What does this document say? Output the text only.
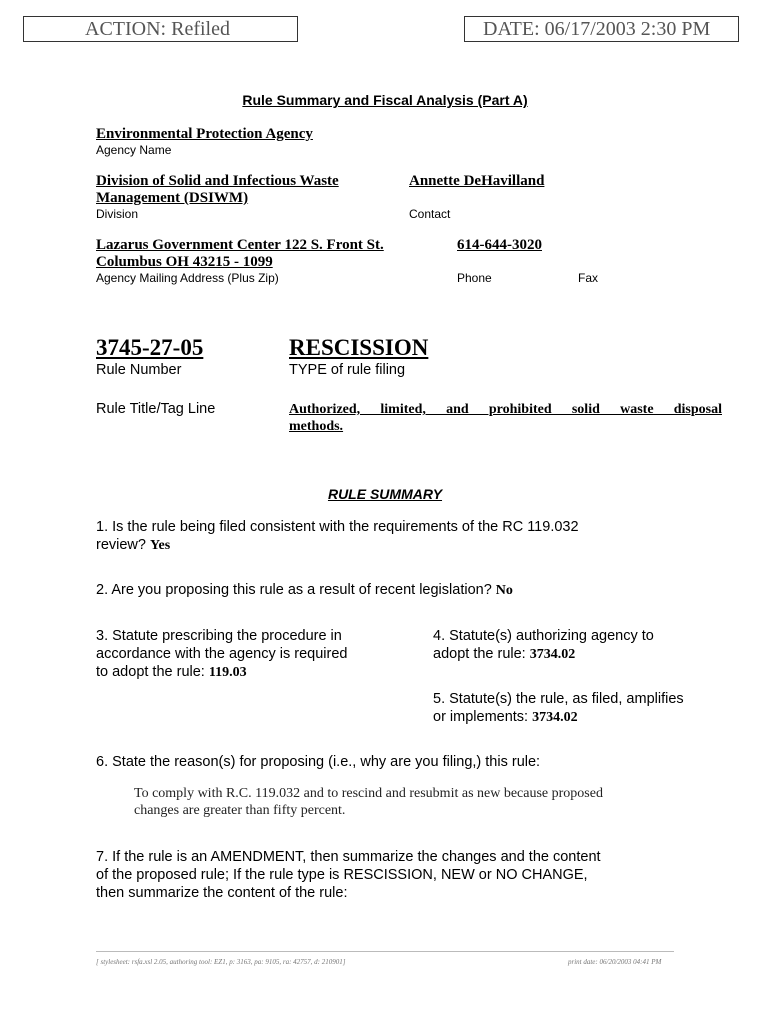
ACTION: Refiled	DATE: 06/17/2003 2:30 PM
Rule Summary and Fiscal Analysis (Part A)
Environmental Protection Agency
Agency Name
Division of Solid and Infectious Waste
Management (DSIWM)
Division
Annette DeHavilland
Contact
Lazarus Government Center 122 S. Front St.
Columbus OH 43215 - 1099
Agency Mailing Address (Plus Zip)
614-644-3020
Phone	Fax
3745-27-05
Rule Number
RESCISSION
TYPE of rule filing
Rule Title/Tag Line	Authorized, limited, and prohibited solid waste disposal
methods.
RULE SUMMARY
1. Is the rule being filed consistent with the requirements of the RC 119.032
review? Yes
2. Are you proposing this rule as a result of recent legislation? No
3. Statute prescribing the procedure in
accordance with the agency is required
to adopt the rule: 119.03
4. Statute(s) authorizing agency to
adopt the rule: 3734.02
5. Statute(s) the rule, as filed, amplifies
or implements: 3734.02
6. State the reason(s) for proposing (i.e., why are you filing,) this rule:
To comply with R.C. 119.032 and to rescind and resubmit as new because proposed
changes are greater than fifty percent.
7. If the rule is an AMENDMENT, then summarize the changes and the content
of the proposed rule; If the rule type is RESCISSION, NEW or NO CHANGE,
then summarize the content of the rule:
[ stylesheet: rsfa.xsl 2.05, authoring tool: EZ1, p: 3163, pa: 9105, ra: 42757, d: 210901]	print date: 06/20/2003 04:41 PM
